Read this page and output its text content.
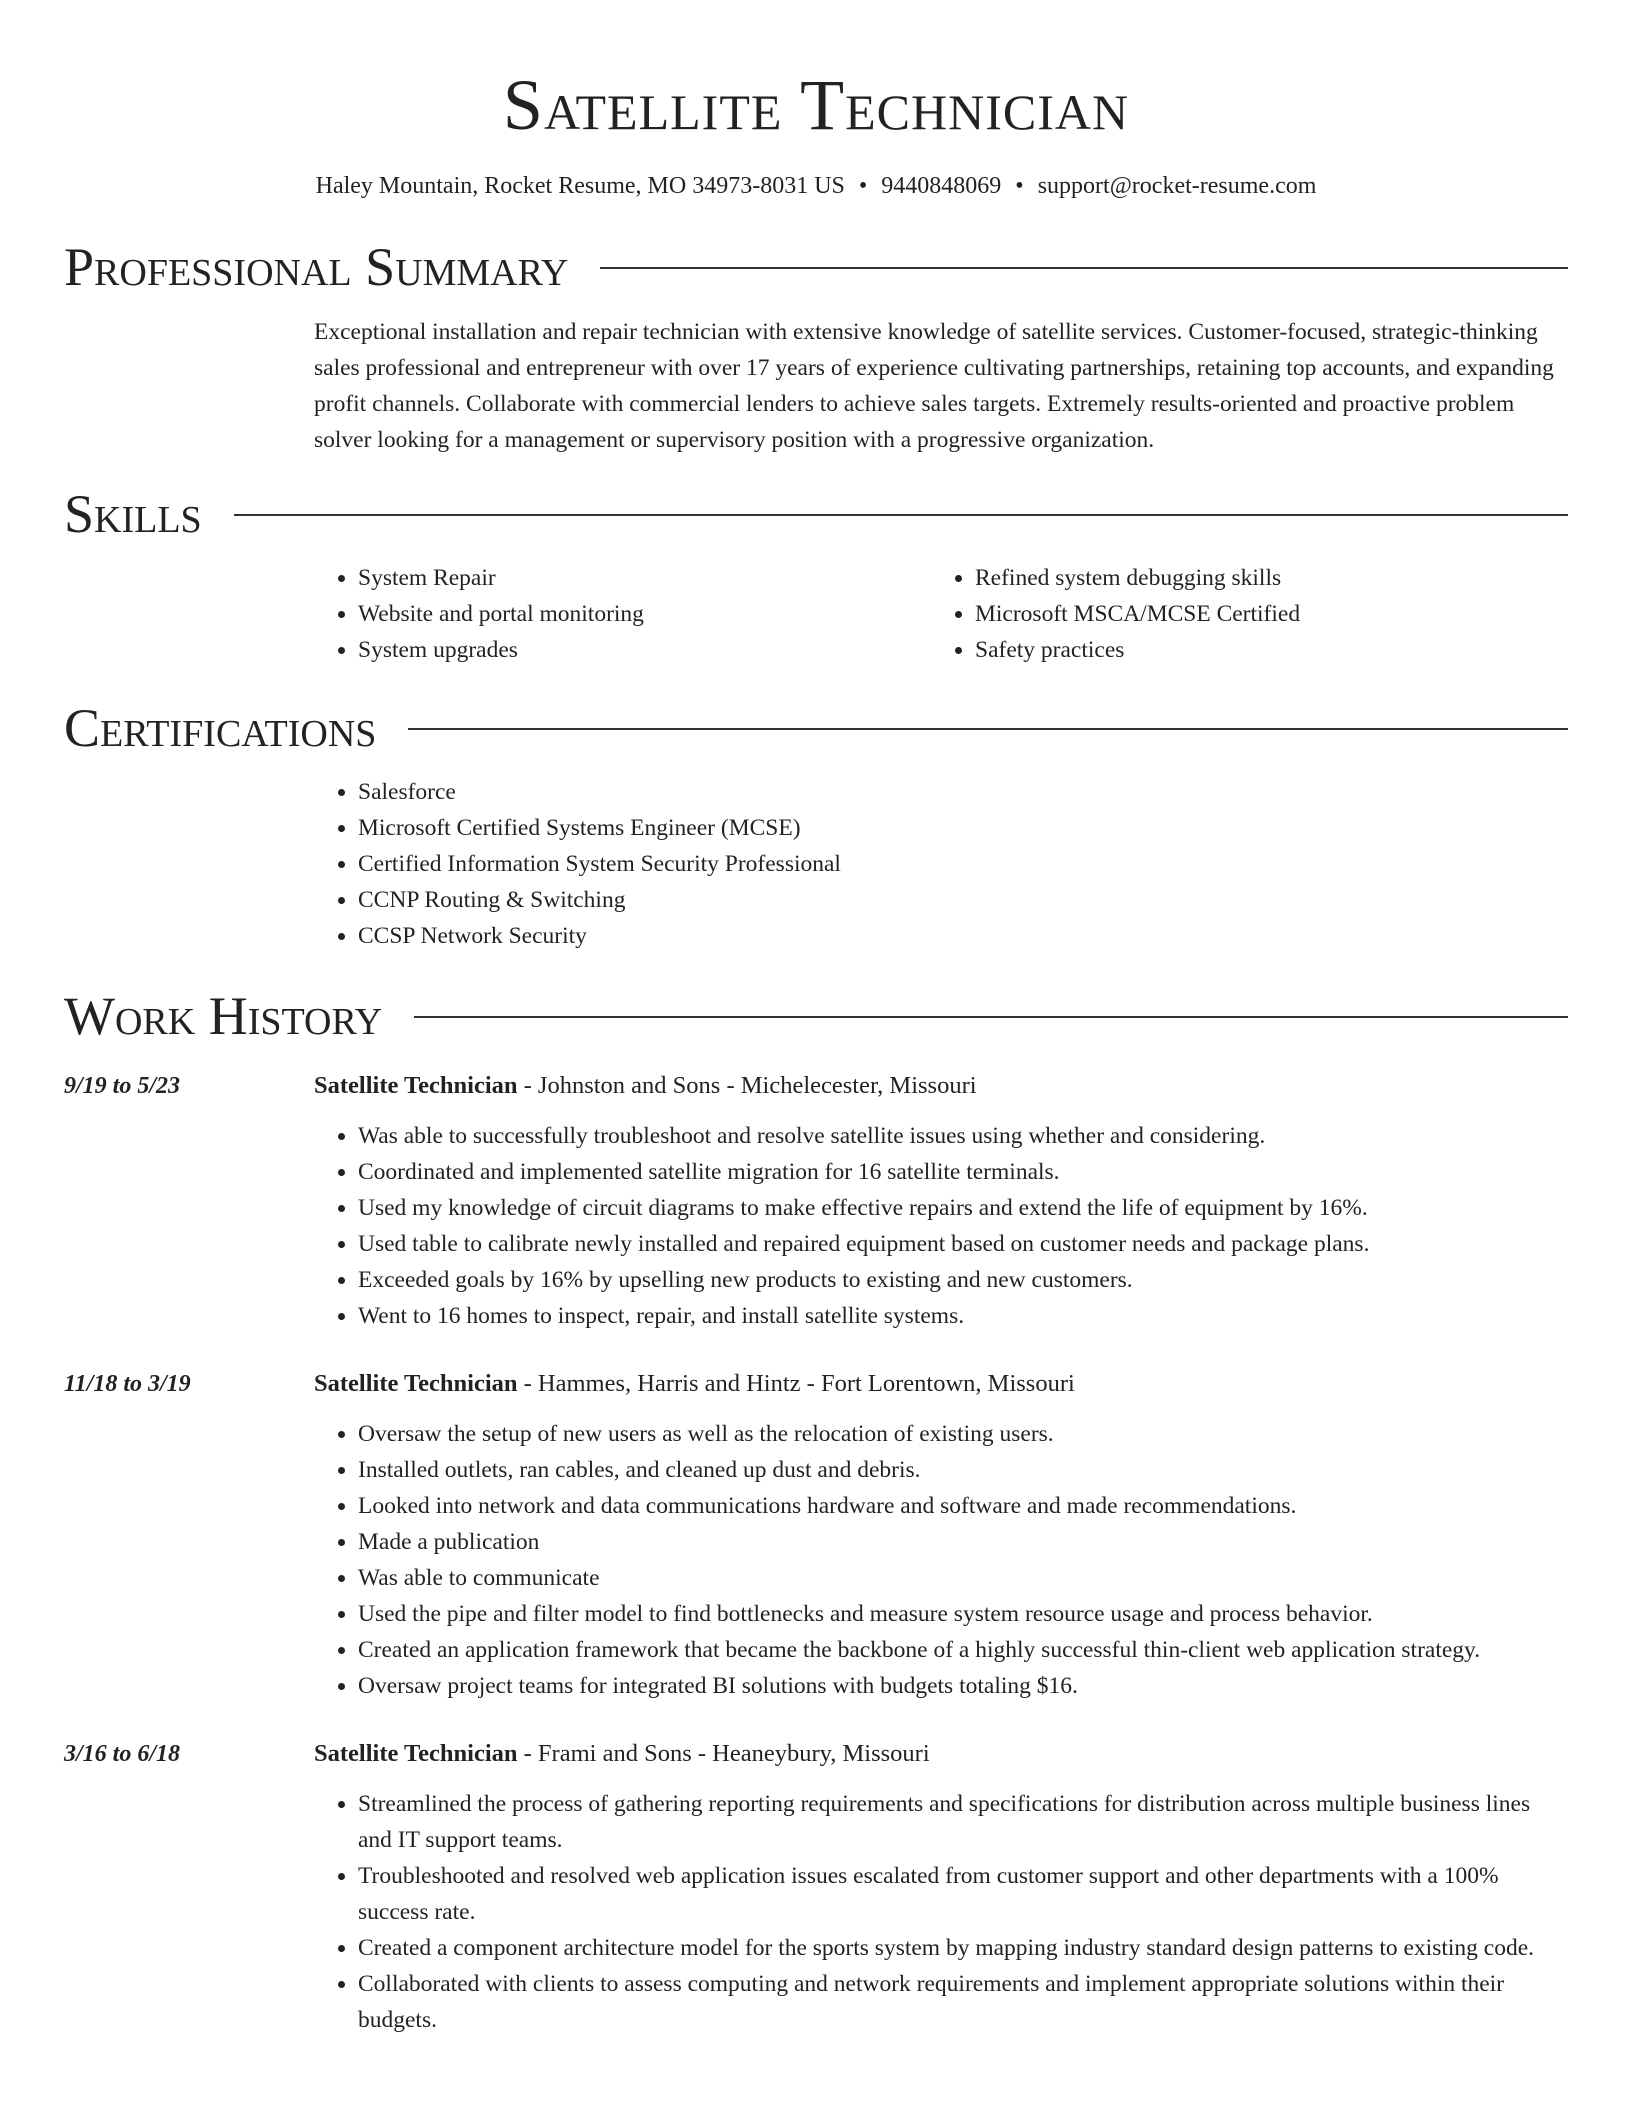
Satellite Technician
Haley Mountain, Rocket Resume, MO 34973-8031 US • 9440848069 • support@rocket-resume.com
Professional Summary

Exceptional installation and repair technician with extensive knowledge of satellite services. Customer-focused, strategic-thinking sales professional and entrepreneur with over 17 years of experience cultivating partnerships, retaining top accounts, and expanding profit channels. Collaborate with commercial lenders to achieve sales targets. Extremely results-oriented and proactive problem solver looking for a management or supervisory position with a progressive organization.

Skills
• System Repair
• Website and portal monitoring
• System upgrades
• Refined system debugging skills
• Microsoft MSCA/MCSE Certified
• Safety practices
Certifications
• Salesforce
• Microsoft Certified Systems Engineer (MCSE)
• Certified Information System Security Professional
• CCNP Routing & Switching
• CCSP Network Security
Work History
9/19 to 5/23	Satellite Technician - Johnston and Sons - Michelecester, Missouri
• Was able to successfully troubleshoot and resolve satellite issues using whether and considering.
• Coordinated and implemented satellite migration for 16 satellite terminals.
• Used my knowledge of circuit diagrams to make effective repairs and extend the life of equipment by 16%.
• Used table to calibrate newly installed and repaired equipment based on customer needs and package plans.
• Exceeded goals by 16% by upselling new products to existing and new customers.
• Went to 16 homes to inspect, repair, and install satellite systems.
11/18 to 3/19	Satellite Technician - Hammes, Harris and Hintz - Fort Lorentown, Missouri
• Oversaw the setup of new users as well as the relocation of existing users.
• Installed outlets, ran cables, and cleaned up dust and debris.
• Looked into network and data communications hardware and software and made recommendations.
• Made a publication
• Was able to communicate
• Used the pipe and filter model to find bottlenecks and measure system resource usage and process behavior.
• Created an application framework that became the backbone of a highly successful thin-client web application strategy.
• Oversaw project teams for integrated BI solutions with budgets totaling $16.
3/16 to 6/18	Satellite Technician - Frami and Sons - Heaneybury, Missouri
• Streamlined the process of gathering reporting requirements and specifications for distribution across multiple business lines and IT support teams.
• Troubleshooted and resolved web application issues escalated from customer support and other departments with a 100% success rate.
• Created a component architecture model for the sports system by mapping industry standard design patterns to existing code.
• Collaborated with clients to assess computing and network requirements and implement appropriate solutions within their budgets.
